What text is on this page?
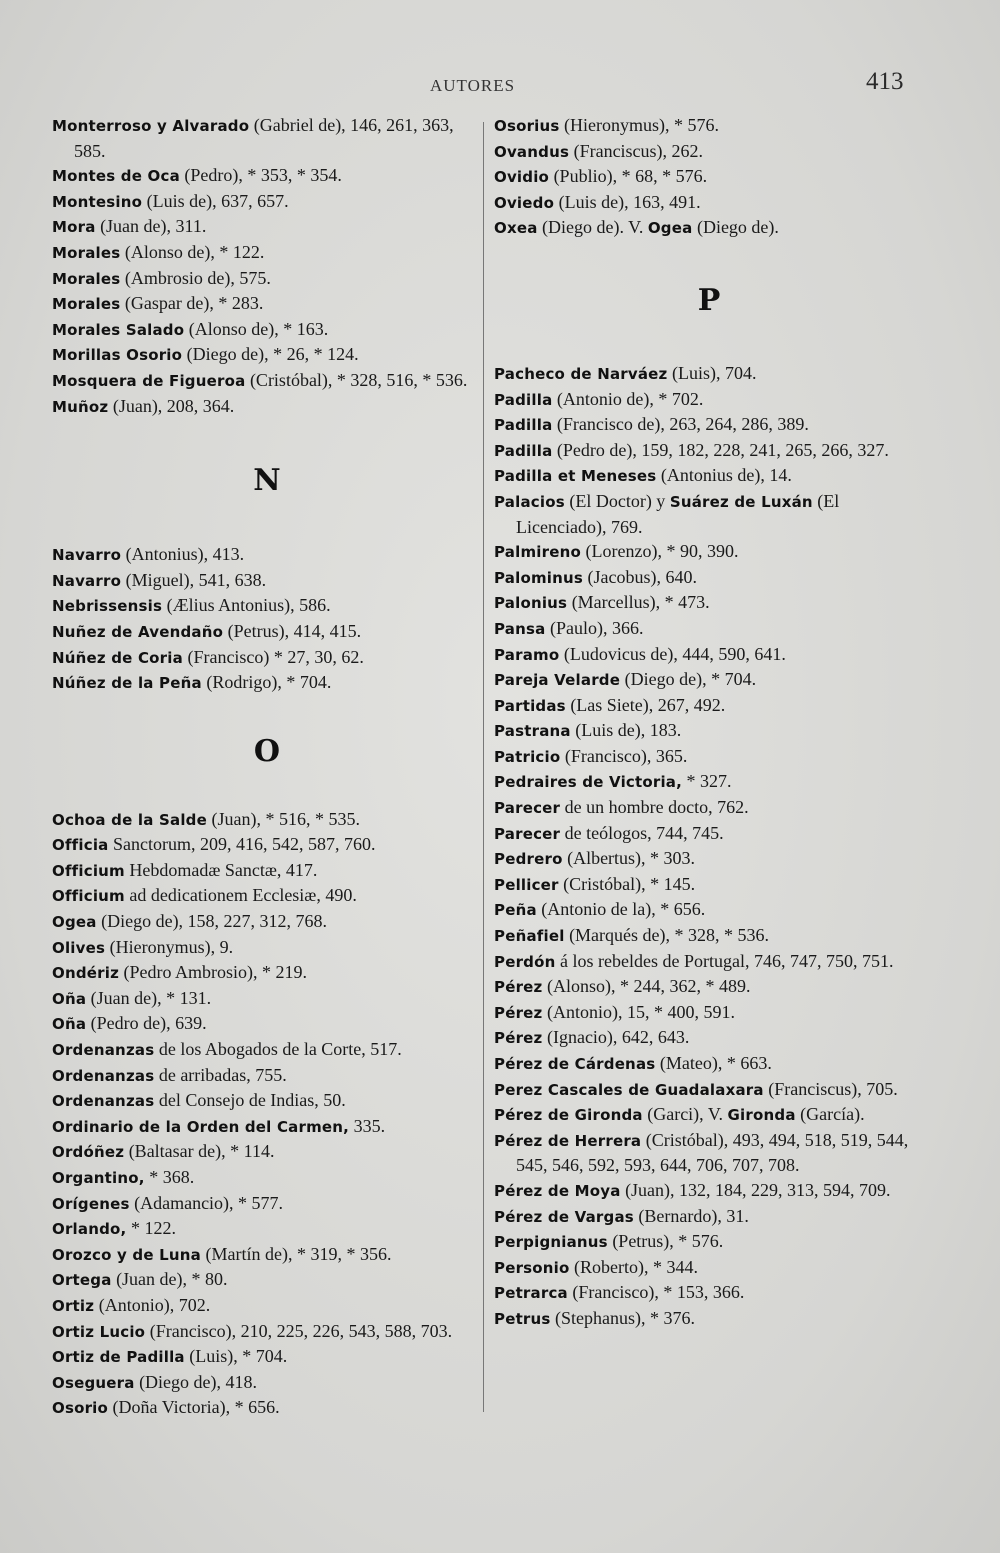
AUTORES	413

Monterroso y Alvarado (Gabriel de), 146, 261, 363, 585.

Montes de Oca (Pedro), * 353, * 354.

Montesino (Luis de), 637, 657.

Mora (Juan de), 311.

Morales (Alonso de), * 122.

Morales (Ambrosio de), 575.

Morales (Gaspar de), * 283.

Morales Salado (Alonso de), * 163.

Morillas Osorio (Diego de), * 26, * 124.

Mosquera de Figueroa (Cristóbal), * 328, 516, * 536.

Muñoz (Juan), 208, 364.

N

Navarro (Antonius), 413.

Navarro (Miguel), 541, 638.

Nebrissensis (Ælius Antonius), 586.

Nuñez de Avendaño (Petrus), 414, 415.

Núñez de Coria (Francisco) * 27, 30, 62.

Núñez de la Peña (Rodrigo), * 704.

O

Ochoa de la Salde (Juan), * 516, * 535.

Officia Sanctorum, 209, 416, 542, 587, 760.

Officium Hebdomadæ Sanctæ, 417.

Officium ad dedicationem Ecclesiæ, 490.

Ogea (Diego de), 158, 227, 312, 768.

Olives (Hieronymus), 9.

Ondériz (Pedro Ambrosio), * 219.

Oña (Juan de), * 131.

Oña (Pedro de), 639.

Ordenanzas de los Abogados de la Corte, 517.

Ordenanzas de arribadas, 755.

Ordenanzas del Consejo de Indias, 50.

Ordinario de la Orden del Carmen, 335.

Ordóñez (Baltasar de), * 114.

Organtino, * 368.

Orígenes (Adamancio), * 577.

Orlando, * 122.

Orozco y de Luna (Martín de), * 319, * 356.

Ortega (Juan de), * 80.

Ortiz (Antonio), 702.

Ortiz Lucio (Francisco), 210, 225, 226, 543, 588, 703.

Ortiz de Padilla (Luis), * 704.

Oseguera (Diego de), 418.

Osorio (Doña Victoria), * 656.

Osorius (Hieronymus), * 576.

Ovandus (Franciscus), 262.

Ovidio (Publio), * 68, * 576.

Oviedo (Luis de), 163, 491.

Oxea (Diego de). V. Ogea (Diego de).

P

Pacheco de Narváez (Luis), 704.

Padilla (Antonio de), * 702.

Padilla (Francisco de), 263, 264, 286, 389.

Padilla (Pedro de), 159, 182, 228, 241, 265, 266, 327.

Padilla et Meneses (Antonius de), 14.

Palacios (El Doctor) y Suárez de Luxán (El Licenciado), 769.

Palmireno (Lorenzo), * 90, 390.

Palominus (Jacobus), 640.

Palonius (Marcellus), * 473.

Pansa (Paulo), 366.

Paramo (Ludovicus de), 444, 590, 641.

Pareja Velarde (Diego de), * 704.

Partidas (Las Siete), 267, 492.

Pastrana (Luis de), 183.

Patricio (Francisco), 365.

Pedraires de Victoria, * 327.

Parecer de un hombre docto, 762.

Parecer de teólogos, 744, 745.

Pedrero (Albertus), * 303.

Pellicer (Cristóbal), * 145.

Peña (Antonio de la), * 656.

Peñafiel (Marqués de), * 328, * 536.

Perdón á los rebeldes de Portugal, 746, 747, 750, 751.

Pérez (Alonso), * 244, 362, * 489.

Pérez (Antonio), 15, * 400, 591.

Pérez (Ignacio), 642, 643.

Pérez de Cárdenas (Mateo), * 663.

Perez Cascales de Guadalaxara (Franciscus), 705.

Pérez de Gironda (Garci), V. Gironda (García).

Pérez de Herrera (Cristóbal), 493, 494, 518, 519, 544, 545, 546, 592, 593, 644, 706, 707, 708.

Pérez de Moya (Juan), 132, 184, 229, 313, 594, 709.

Pérez de Vargas (Bernardo), 31.

Perpignianus (Petrus), * 576.

Personio (Roberto), * 344.

Petrarca (Francisco), * 153, 366.

Petrus (Stephanus), * 376.
